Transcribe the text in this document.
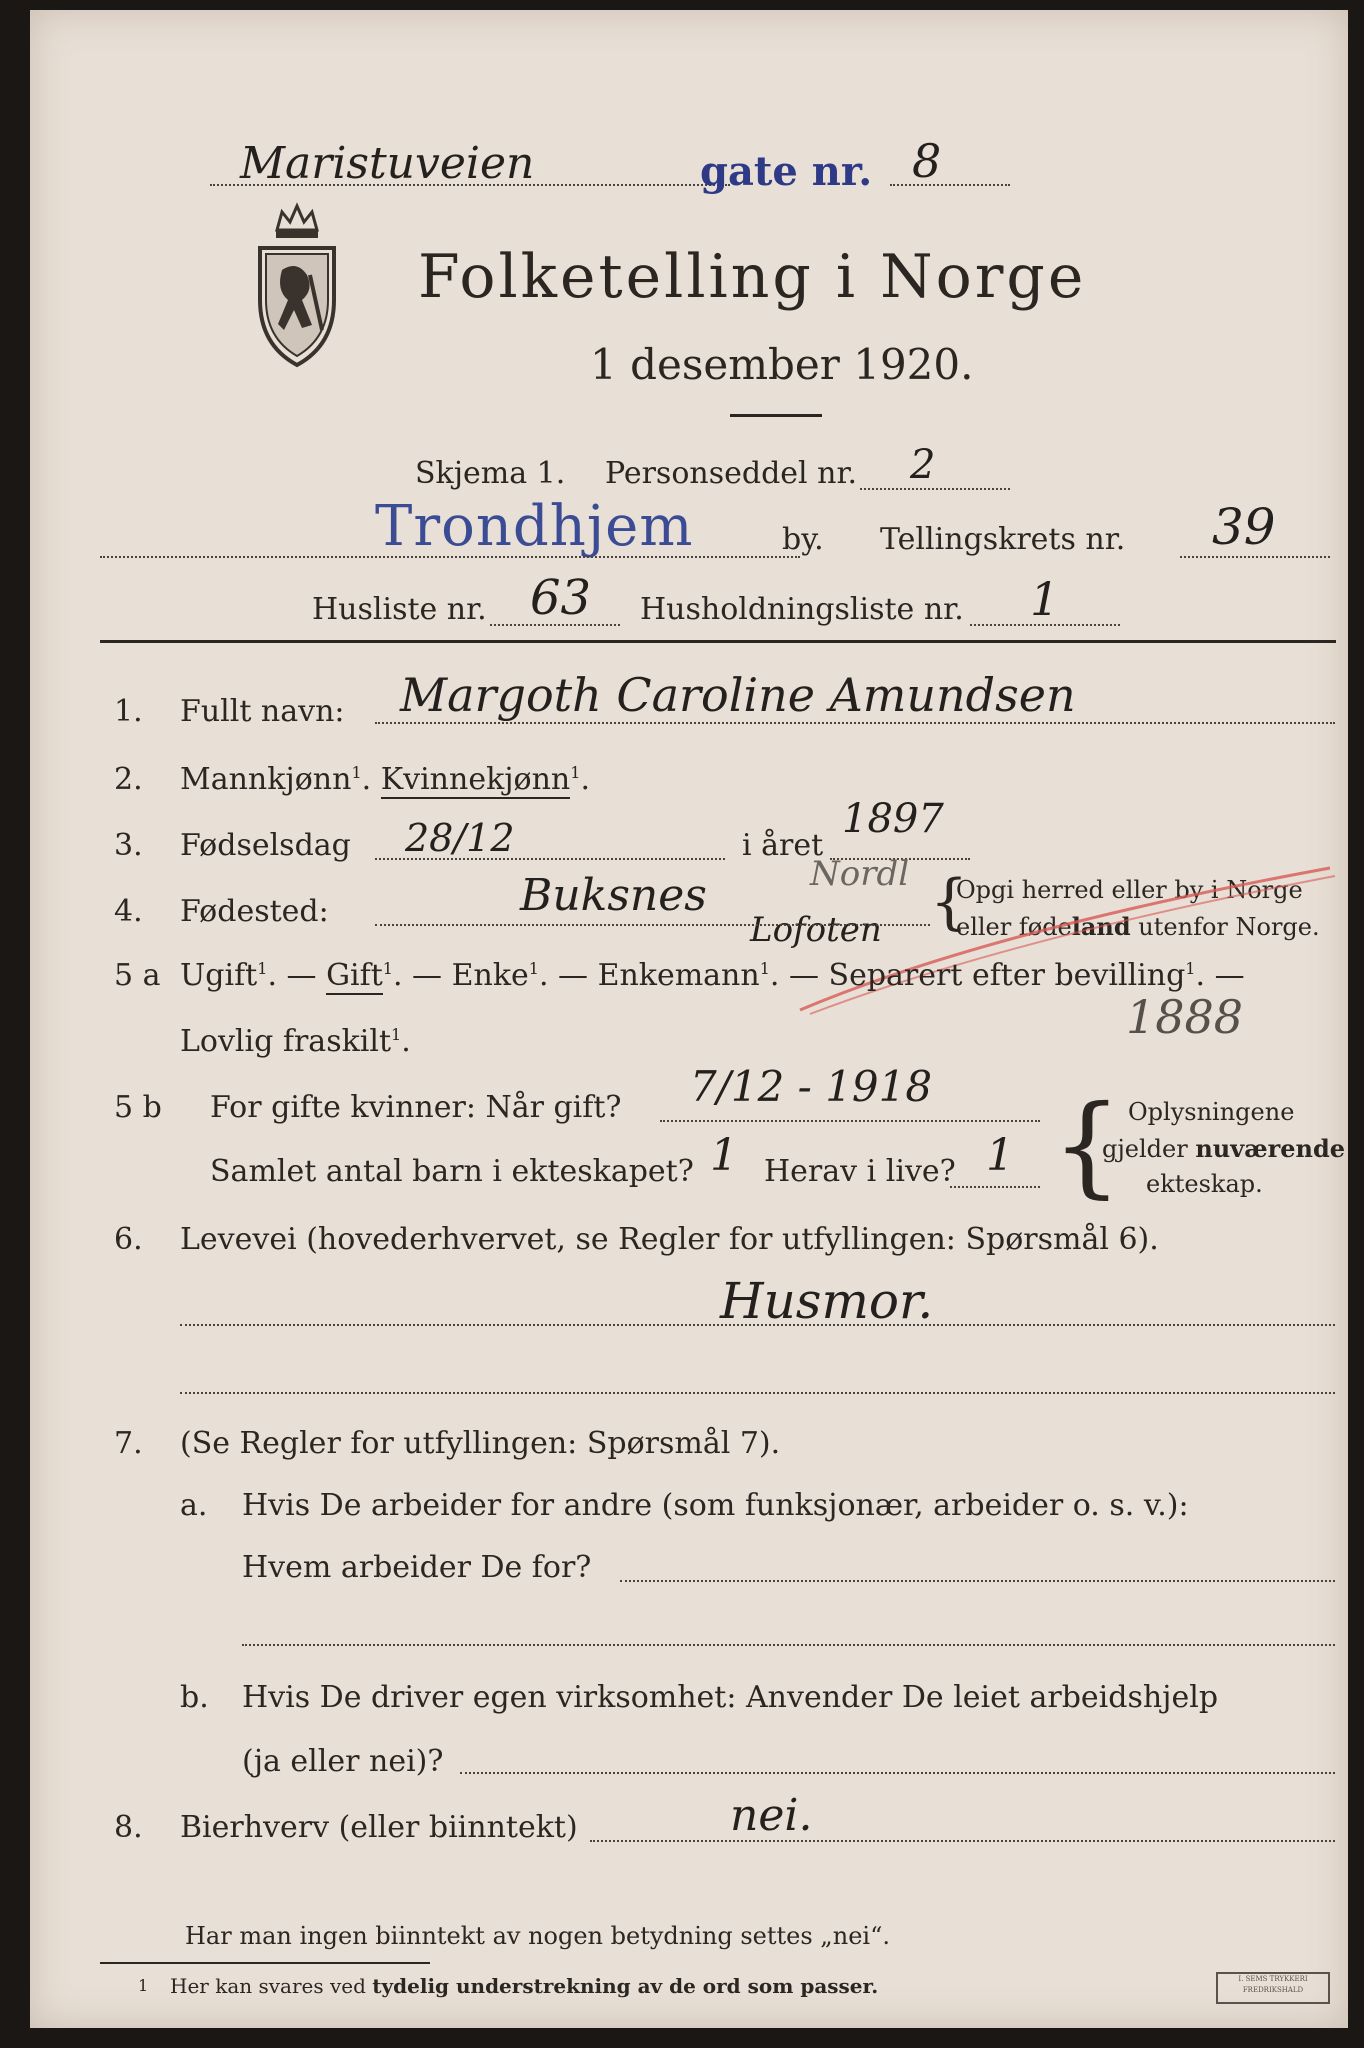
Maristuveien	gate nr. 8
Folketelling i Norge
1 desember 1920.
Skjema 1. Personseddel nr. 2
Trondhjem	by. Tellingskrets nr. 39
Husliste nr. 63 Husholdningsliste nr. 1
1. Fullt navn: Margoth Caroline Amundsen
2. Mannkjønn$^1$. Kvinnekjønn$^1$.
3. Fødselsdag 28/12	i året
1897
4. Fødested:	Buksnes	Nordl
Lofoten {
Opgi herred eller by i Norge
eller fødeland utenfor Norge.
5 a Ugift$^1$. — Gift$^1$. — Enke$^1$. — Enkemann$^1$. — Separert efter bevilling$^1$. —
Lovlig fraskilt$^1$.	1888
5 b For gifte kvinner: Når gift? 7/12 - 1918
Samlet antal barn i ekteskapet? 1 Herav i live? 1 { Oplysningene
gjelder nuværende
ekteskap.
6. Levevei (hovederhvervet, se Regler for utfyllingen: Spørsmål 6).
Husmor.
7. (Se Regler for utfyllingen: Spørsmål 7).
a. Hvis De arbeider for andre (som funksjonær, arbeider o. s. v.):
Hvem arbeider De for?
b. Hvis De driver egen virksomhet: Anvender De leiet arbeidshjelp
(ja eller nei)?
8. Bierhverv (eller biinntekt)	nei.
Har man ingen biinntekt av nogen betydning settes „nei“.
1 Her kan svares ved tydelig understrekning av de ord som passer.	I. SEMS TRYKKERI
FREDRIKSHALD
